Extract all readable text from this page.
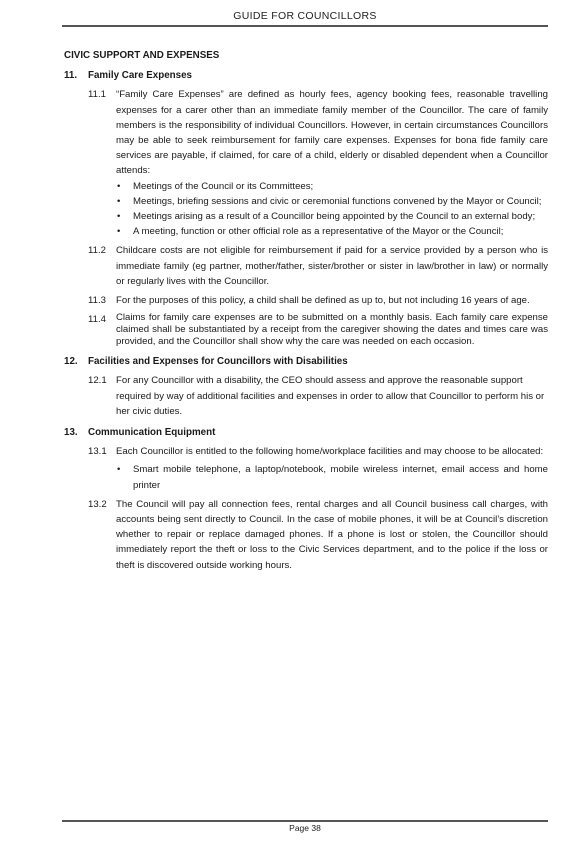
GUIDE FOR COUNCILLORS
CIVIC SUPPORT AND EXPENSES
11.	Family Care Expenses
11.1	“Family Care Expenses” are defined as hourly fees, agency booking fees, reasonable travelling expenses for a carer other than an immediate family member of the Councillor. The care of family members is the responsibility of individual Councillors. However, in certain circumstances Councillors may be able to seek reimbursement for family care expenses. Expenses for bona fide family care services are payable, if claimed, for care of a child, elderly or disabled dependent when a Councillor attends:
•	Meetings of the Council or its Committees;
•	Meetings, briefing sessions and civic or ceremonial functions convened by the Mayor or Council;
•	Meetings arising as a result of a Councillor being appointed by the Council to an external body;
•	A meeting, function or other official role as a representative of the Mayor or the Council;
11.2	Childcare costs are not eligible for reimbursement if paid for a service provided by a person who is immediate family (eg partner, mother/father, sister/brother or sister in law/brother in law) or normally or regularly lives with the Councillor.
11.3	For the purposes of this policy, a child shall be defined as up to, but not including 16 years of age.
11.4	Claims for family care expenses are to be submitted on a monthly basis. Each family care expense claimed shall be substantiated by a receipt from the caregiver showing the dates and times care was provided, and the Councillor shall show why the care was needed on each occasion.
12.	Facilities and Expenses for Councillors with Disabilities
12.1 For any Councillor with a disability, the CEO should assess and approve the reasonable support required by way of additional facilities and expenses in order to allow that Councillor to perform his or her civic duties.
13.	Communication Equipment
13.1 Each Councillor is entitled to the following home/workplace facilities and may choose to be allocated:
•	Smart mobile telephone, a laptop/notebook, mobile wireless internet, email access and home printer
13.2 The Council will pay all connection fees, rental charges and all Council business call charges, with accounts being sent directly to Council. In the case of mobile phones, it will be at Council’s discretion whether to repair or replace damaged phones. If a phone is lost or stolen, the Councillor should immediately report the theft or loss to the Civic Services department, and to the police if the loss or theft is discovered outside working hours.
Page 38
